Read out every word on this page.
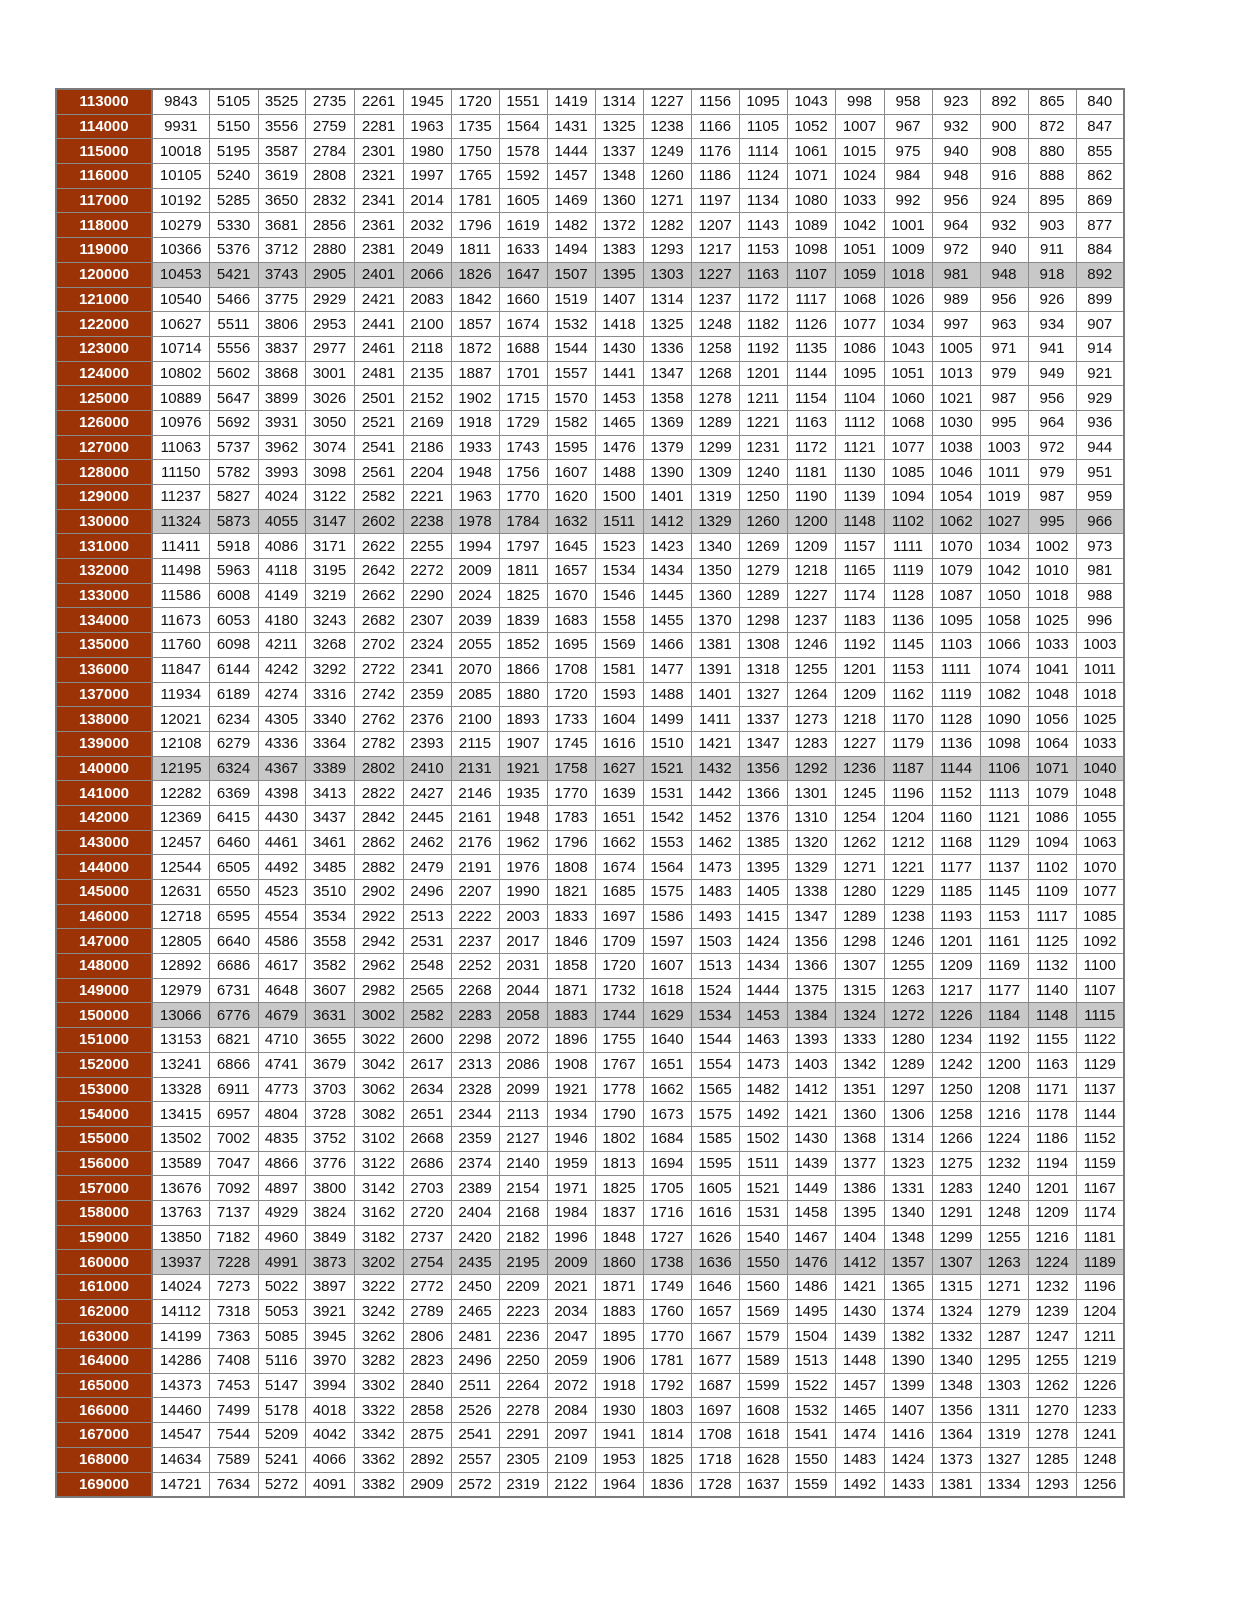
113000	9843	5105	3525	2735	2261	1945	1720	1551	1419	1314	1227	1156	1095	1043	998	958	923	892	865	840
114000	9931	5150	3556	2759	2281	1963	1735	1564	1431	1325	1238	1166	1105	1052	1007	967	932	900	872	847
115000	10018	5195	3587	2784	2301	1980	1750	1578	1444	1337	1249	1176	1114	1061	1015	975	940	908	880	855
116000	10105	5240	3619	2808	2321	1997	1765	1592	1457	1348	1260	1186	1124	1071	1024	984	948	916	888	862
117000	10192	5285	3650	2832	2341	2014	1781	1605	1469	1360	1271	1197	1134	1080	1033	992	956	924	895	869
118000	10279	5330	3681	2856	2361	2032	1796	1619	1482	1372	1282	1207	1143	1089	1042	1001	964	932	903	877
119000	10366	5376	3712	2880	2381	2049	1811	1633	1494	1383	1293	1217	1153	1098	1051	1009	972	940	911	884
120000	10453	5421	3743	2905	2401	2066	1826	1647	1507	1395	1303	1227	1163	1107	1059	1018	981	948	918	892
121000	10540	5466	3775	2929	2421	2083	1842	1660	1519	1407	1314	1237	1172	1117	1068	1026	989	956	926	899
122000	10627	5511	3806	2953	2441	2100	1857	1674	1532	1418	1325	1248	1182	1126	1077	1034	997	963	934	907
123000	10714	5556	3837	2977	2461	2118	1872	1688	1544	1430	1336	1258	1192	1135	1086	1043	1005	971	941	914
124000	10802	5602	3868	3001	2481	2135	1887	1701	1557	1441	1347	1268	1201	1144	1095	1051	1013	979	949	921
125000	10889	5647	3899	3026	2501	2152	1902	1715	1570	1453	1358	1278	1211	1154	1104	1060	1021	987	956	929
126000	10976	5692	3931	3050	2521	2169	1918	1729	1582	1465	1369	1289	1221	1163	1112	1068	1030	995	964	936
127000	11063	5737	3962	3074	2541	2186	1933	1743	1595	1476	1379	1299	1231	1172	1121	1077	1038	1003	972	944
128000	11150	5782	3993	3098	2561	2204	1948	1756	1607	1488	1390	1309	1240	1181	1130	1085	1046	1011	979	951
129000	11237	5827	4024	3122	2582	2221	1963	1770	1620	1500	1401	1319	1250	1190	1139	1094	1054	1019	987	959
130000	11324	5873	4055	3147	2602	2238	1978	1784	1632	1511	1412	1329	1260	1200	1148	1102	1062	1027	995	966
131000	11411	5918	4086	3171	2622	2255	1994	1797	1645	1523	1423	1340	1269	1209	1157	1111	1070	1034	1002	973
132000	11498	5963	4118	3195	2642	2272	2009	1811	1657	1534	1434	1350	1279	1218	1165	1119	1079	1042	1010	981
133000	11586	6008	4149	3219	2662	2290	2024	1825	1670	1546	1445	1360	1289	1227	1174	1128	1087	1050	1018	988
134000	11673	6053	4180	3243	2682	2307	2039	1839	1683	1558	1455	1370	1298	1237	1183	1136	1095	1058	1025	996
135000	11760	6098	4211	3268	2702	2324	2055	1852	1695	1569	1466	1381	1308	1246	1192	1145	1103	1066	1033	1003
136000	11847	6144	4242	3292	2722	2341	2070	1866	1708	1581	1477	1391	1318	1255	1201	1153	1111	1074	1041	1011
137000	11934	6189	4274	3316	2742	2359	2085	1880	1720	1593	1488	1401	1327	1264	1209	1162	1119	1082	1048	1018
138000	12021	6234	4305	3340	2762	2376	2100	1893	1733	1604	1499	1411	1337	1273	1218	1170	1128	1090	1056	1025
139000	12108	6279	4336	3364	2782	2393	2115	1907	1745	1616	1510	1421	1347	1283	1227	1179	1136	1098	1064	1033
140000	12195	6324	4367	3389	2802	2410	2131	1921	1758	1627	1521	1432	1356	1292	1236	1187	1144	1106	1071	1040
141000	12282	6369	4398	3413	2822	2427	2146	1935	1770	1639	1531	1442	1366	1301	1245	1196	1152	1113	1079	1048
142000	12369	6415	4430	3437	2842	2445	2161	1948	1783	1651	1542	1452	1376	1310	1254	1204	1160	1121	1086	1055
143000	12457	6460	4461	3461	2862	2462	2176	1962	1796	1662	1553	1462	1385	1320	1262	1212	1168	1129	1094	1063
144000	12544	6505	4492	3485	2882	2479	2191	1976	1808	1674	1564	1473	1395	1329	1271	1221	1177	1137	1102	1070
145000	12631	6550	4523	3510	2902	2496	2207	1990	1821	1685	1575	1483	1405	1338	1280	1229	1185	1145	1109	1077
146000	12718	6595	4554	3534	2922	2513	2222	2003	1833	1697	1586	1493	1415	1347	1289	1238	1193	1153	1117	1085
147000	12805	6640	4586	3558	2942	2531	2237	2017	1846	1709	1597	1503	1424	1356	1298	1246	1201	1161	1125	1092
148000	12892	6686	4617	3582	2962	2548	2252	2031	1858	1720	1607	1513	1434	1366	1307	1255	1209	1169	1132	1100
149000	12979	6731	4648	3607	2982	2565	2268	2044	1871	1732	1618	1524	1444	1375	1315	1263	1217	1177	1140	1107
150000	13066	6776	4679	3631	3002	2582	2283	2058	1883	1744	1629	1534	1453	1384	1324	1272	1226	1184	1148	1115
151000	13153	6821	4710	3655	3022	2600	2298	2072	1896	1755	1640	1544	1463	1393	1333	1280	1234	1192	1155	1122
152000	13241	6866	4741	3679	3042	2617	2313	2086	1908	1767	1651	1554	1473	1403	1342	1289	1242	1200	1163	1129
153000	13328	6911	4773	3703	3062	2634	2328	2099	1921	1778	1662	1565	1482	1412	1351	1297	1250	1208	1171	1137
154000	13415	6957	4804	3728	3082	2651	2344	2113	1934	1790	1673	1575	1492	1421	1360	1306	1258	1216	1178	1144
155000	13502	7002	4835	3752	3102	2668	2359	2127	1946	1802	1684	1585	1502	1430	1368	1314	1266	1224	1186	1152
156000	13589	7047	4866	3776	3122	2686	2374	2140	1959	1813	1694	1595	1511	1439	1377	1323	1275	1232	1194	1159
157000	13676	7092	4897	3800	3142	2703	2389	2154	1971	1825	1705	1605	1521	1449	1386	1331	1283	1240	1201	1167
158000	13763	7137	4929	3824	3162	2720	2404	2168	1984	1837	1716	1616	1531	1458	1395	1340	1291	1248	1209	1174
159000	13850	7182	4960	3849	3182	2737	2420	2182	1996	1848	1727	1626	1540	1467	1404	1348	1299	1255	1216	1181
160000	13937	7228	4991	3873	3202	2754	2435	2195	2009	1860	1738	1636	1550	1476	1412	1357	1307	1263	1224	1189
161000	14024	7273	5022	3897	3222	2772	2450	2209	2021	1871	1749	1646	1560	1486	1421	1365	1315	1271	1232	1196
162000	14112	7318	5053	3921	3242	2789	2465	2223	2034	1883	1760	1657	1569	1495	1430	1374	1324	1279	1239	1204
163000	14199	7363	5085	3945	3262	2806	2481	2236	2047	1895	1770	1667	1579	1504	1439	1382	1332	1287	1247	1211
164000	14286	7408	5116	3970	3282	2823	2496	2250	2059	1906	1781	1677	1589	1513	1448	1390	1340	1295	1255	1219
165000	14373	7453	5147	3994	3302	2840	2511	2264	2072	1918	1792	1687	1599	1522	1457	1399	1348	1303	1262	1226
166000	14460	7499	5178	4018	3322	2858	2526	2278	2084	1930	1803	1697	1608	1532	1465	1407	1356	1311	1270	1233
167000	14547	7544	5209	4042	3342	2875	2541	2291	2097	1941	1814	1708	1618	1541	1474	1416	1364	1319	1278	1241
168000	14634	7589	5241	4066	3362	2892	2557	2305	2109	1953	1825	1718	1628	1550	1483	1424	1373	1327	1285	1248
169000	14721	7634	5272	4091	3382	2909	2572	2319	2122	1964	1836	1728	1637	1559	1492	1433	1381	1334	1293	1256
